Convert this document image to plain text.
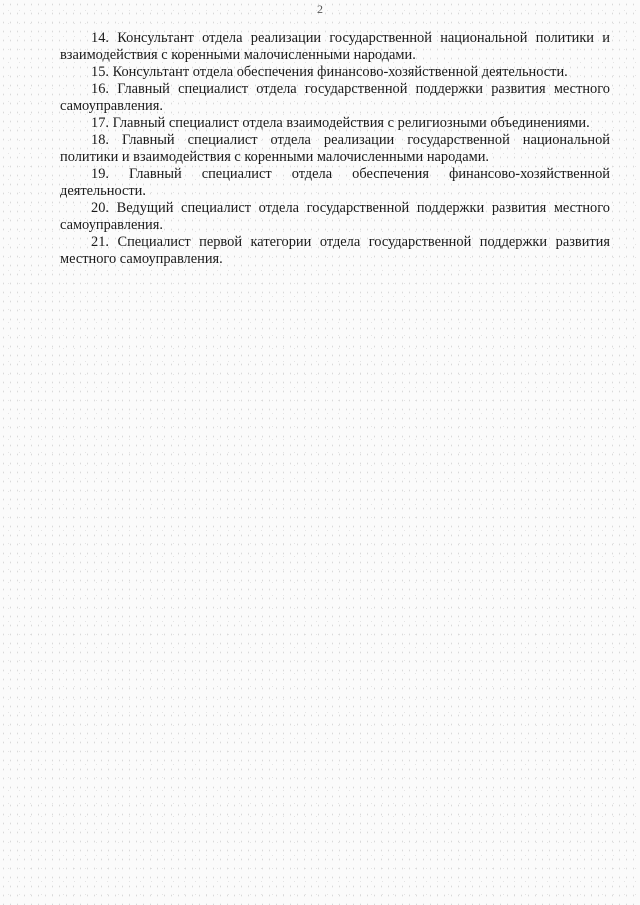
2

14. Консультант отдела реализации государственной национальной политики и взаимодействия с коренными малочисленными народами.

15. Консультант отдела обеспечения финансово-хозяйственной деятельности.

16. Главный специалист отдела государственной поддержки развития местного самоуправления.

17. Главный специалист отдела взаимодействия с религиозными объединениями.

18. Главный специалист отдела реализации государственной национальной политики и взаимодействия с коренными малочисленными народами.

19. Главный специалист отдела обеспечения финансово-хозяйственной деятельности.

20. Ведущий специалист отдела государственной поддержки развития местного самоуправления.

21. Специалист первой категории отдела государственной поддержки развития местного самоуправления.
